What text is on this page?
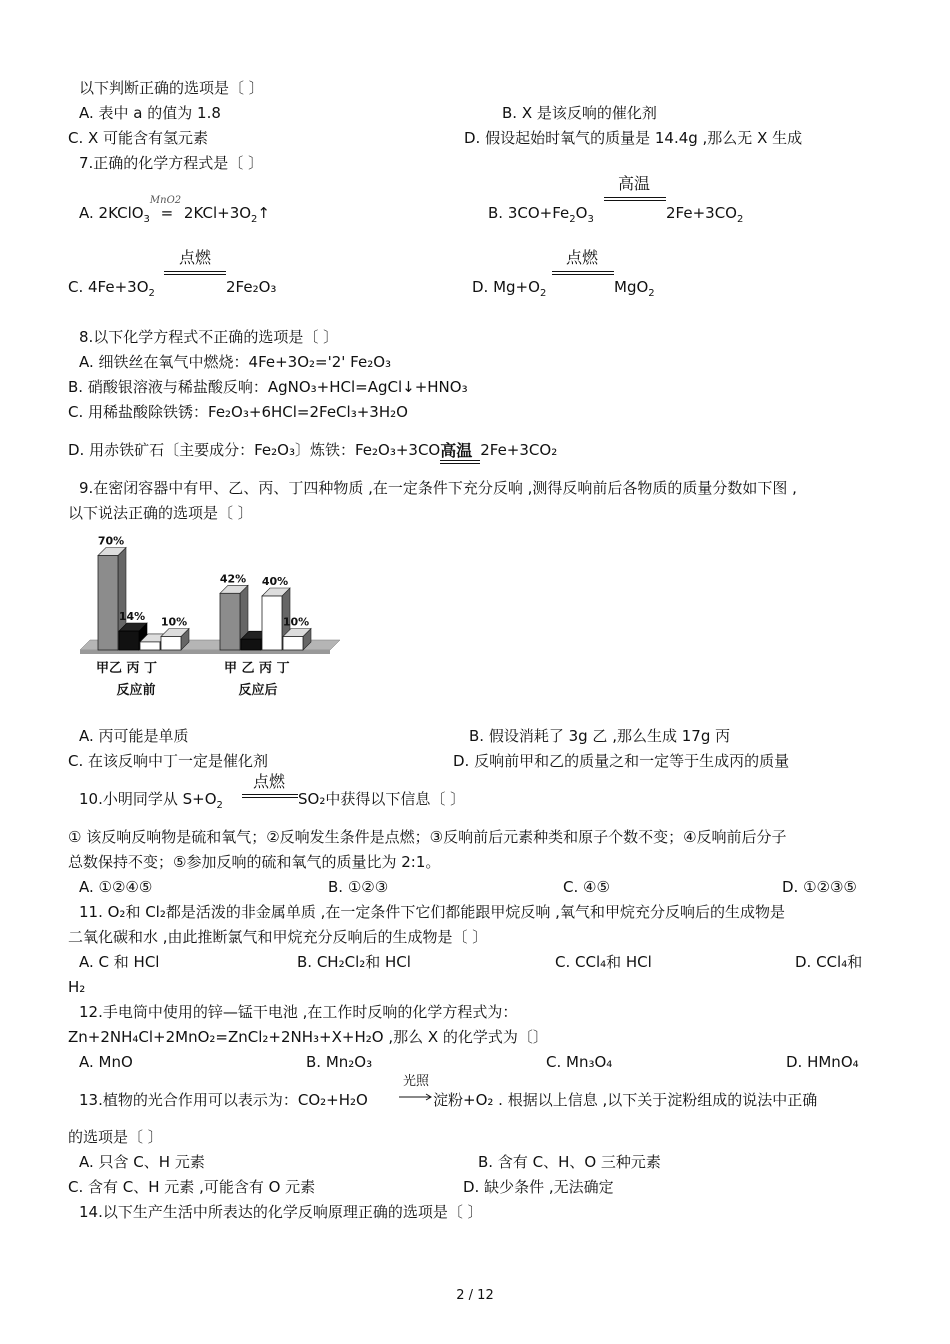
以下判断正确的选项是〔 〕
A. 表中 a 的值为 1.8	B. X 是该反响的催化剂
C. X 可能含有氢元素	D. 假设起始时氧气的质量是 14.4g ,那么无 X 生成
7.正确的化学方程式是〔 〕
A. 2KClO$_3$
MnO2
= $2KCl+3O_2↑$	B. $3CO+Fe_2O_3$
高温
$2Fe+3CO_2$
C. $4Fe+3O_2$
点燃
2Fe₂O₃	D. $Mg+O_2$
点燃
MgO$_2$
8.以下化学方程式不正确的选项是〔 〕
A. 细铁丝在氧气中燃烧：4Fe+3O₂='2' Fe₂O₃
B. 硝酸银溶液与稀盐酸反响：AgNO₃+HCl=AgCl↓+HNO₃
C. 用稀盐酸除铁锈：Fe₂O₃+6HCl=2FeCl₃+3H₂O
D. 用赤铁矿石〔主要成分：Fe₂O₃〕炼铁：Fe₂O₃+3CO 高温 2Fe+3CO₂
9.在密闭容器中有甲、乙、丙、丁四种物质 ,在一定条件下充分反响 ,测得反响前后各物质的质量分数如下图 ,
以下说法正确的选项是〔 〕
70%
14% 10%
42% 40%
10%
甲乙 丙 丁	甲 乙 丙 丁
反应前	反应后
A. 丙可能是单质	B. 假设消耗了 3g 乙 ,那么生成 17g 丙
C. 在该反响中丁一定是催化剂	D. 反响前甲和乙的质量之和一定等于生成丙的质量
10.小明同学从 $S+O_2$
点燃
SO₂中获得以下信息〔 〕
① 该反响反响物是硫和氧气；②反响发生条件是点燃；③反响前后元素种类和原子个数不变；④反响前后分子
总数保持不变；⑤参加反响的硫和氧气的质量比为 2:1。
A. ①②④⑤	B. ①②③	C. ④⑤	D. ①②③⑤
11. O₂和 Cl₂都是活泼的非金属单质 ,在一定条件下它们都能跟甲烷反响 ,氧气和甲烷充分反响后的生成物是
二氧化碳和水 ,由此推断氯气和甲烷充分反响后的生成物是〔 〕
A. C 和 HCl	B. CH₂Cl₂和 HCl	C. CCl₄和 HCl	D. CCl₄和
H₂
12.手电筒中使用的锌—锰干电池 ,在工作时反响的化学方程式为：
Zn+2NH₄Cl+2MnO₂=ZnCl₂+2NH₃+X+H₂O ,那么 X 的化学式为〔〕
A. MnO	B. Mn₂O₃	C. Mn₃O₄	D. HMnO₄
13.植物的光合作用可以表示为：CO₂+H₂O
光照
淀粉+O₂ . 根据以上信息 ,以下关于淀粉组成的说法中正确
的选项是〔 〕
A. 只含 C、H 元素	B. 含有 C、H、O 三种元素
C. 含有 C、H 元素 ,可能含有 O 元素	D. 缺少条件 ,无法确定
14.以下生产生活中所表达的化学反响原理正确的选项是〔 〕
2 / 12
